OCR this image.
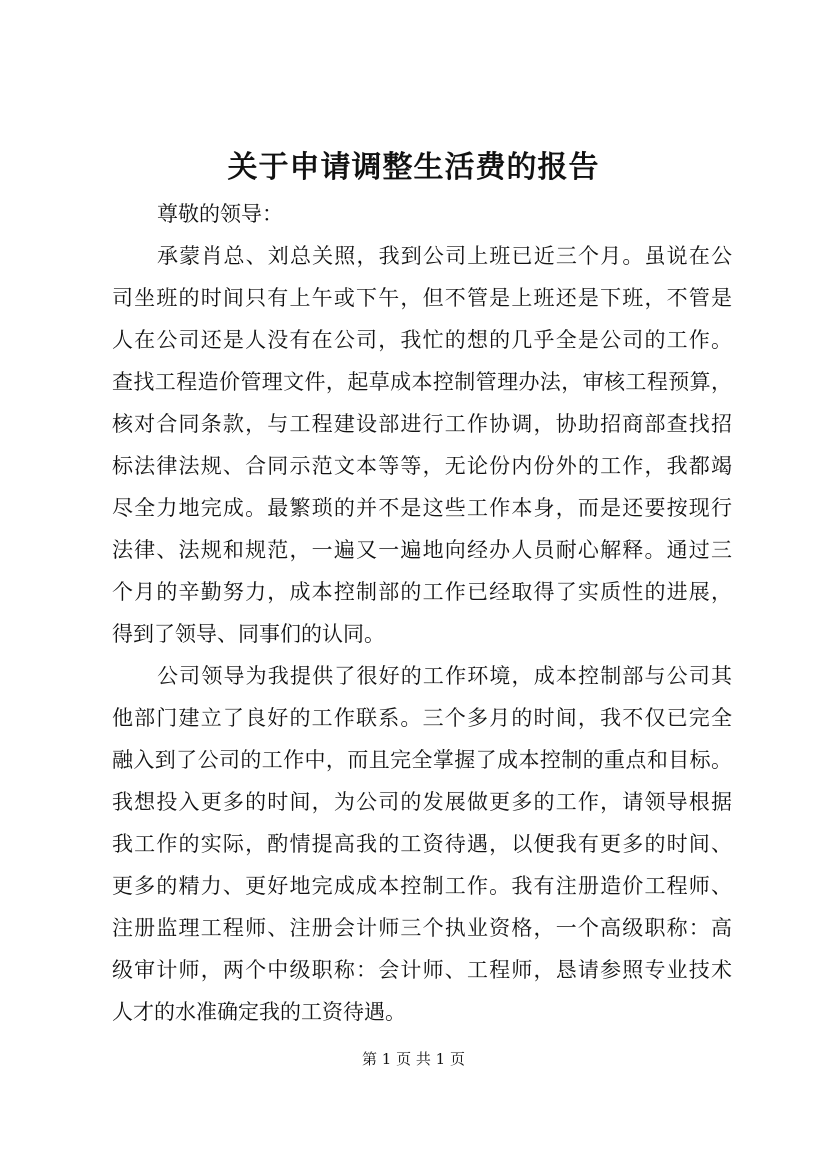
关于申请调整生活费的报告
尊敬的领导：
承蒙肖总、刘总关照，我到公司上班已近三个月。虽说在公
司坐班的时间只有上午或下午，但不管是上班还是下班，不管是
人在公司还是人没有在公司，我忙的想的几乎全是公司的工作。
查找工程造价管理文件，起草成本控制管理办法，审核工程预算，
核对合同条款，与工程建设部进行工作协调，协助招商部查找招
标法律法规、合同示范文本等等，无论份内份外的工作，我都竭
尽全力地完成。最繁琐的并不是这些工作本身，而是还要按现行
法律、法规和规范，一遍又一遍地向经办人员耐心解释。通过三
个月的辛勤努力，成本控制部的工作已经取得了实质性的进展，
得到了领导、同事们的认同。
公司领导为我提供了很好的工作环境，成本控制部与公司其
他部门建立了良好的工作联系。三个多月的时间，我不仅已完全
融入到了公司的工作中，而且完全掌握了成本控制的重点和目标。
我想投入更多的时间，为公司的发展做更多的工作，请领导根据
我工作的实际，酌情提高我的工资待遇，以便我有更多的时间、
更多的精力、更好地完成成本控制工作。我有注册造价工程师、
注册监理工程师、注册会计师三个执业资格，一个高级职称：高
级审计师，两个中级职称：会计师、工程师，恳请参照专业技术
人才的水准确定我的工资待遇。
第 1 页 共 1 页
